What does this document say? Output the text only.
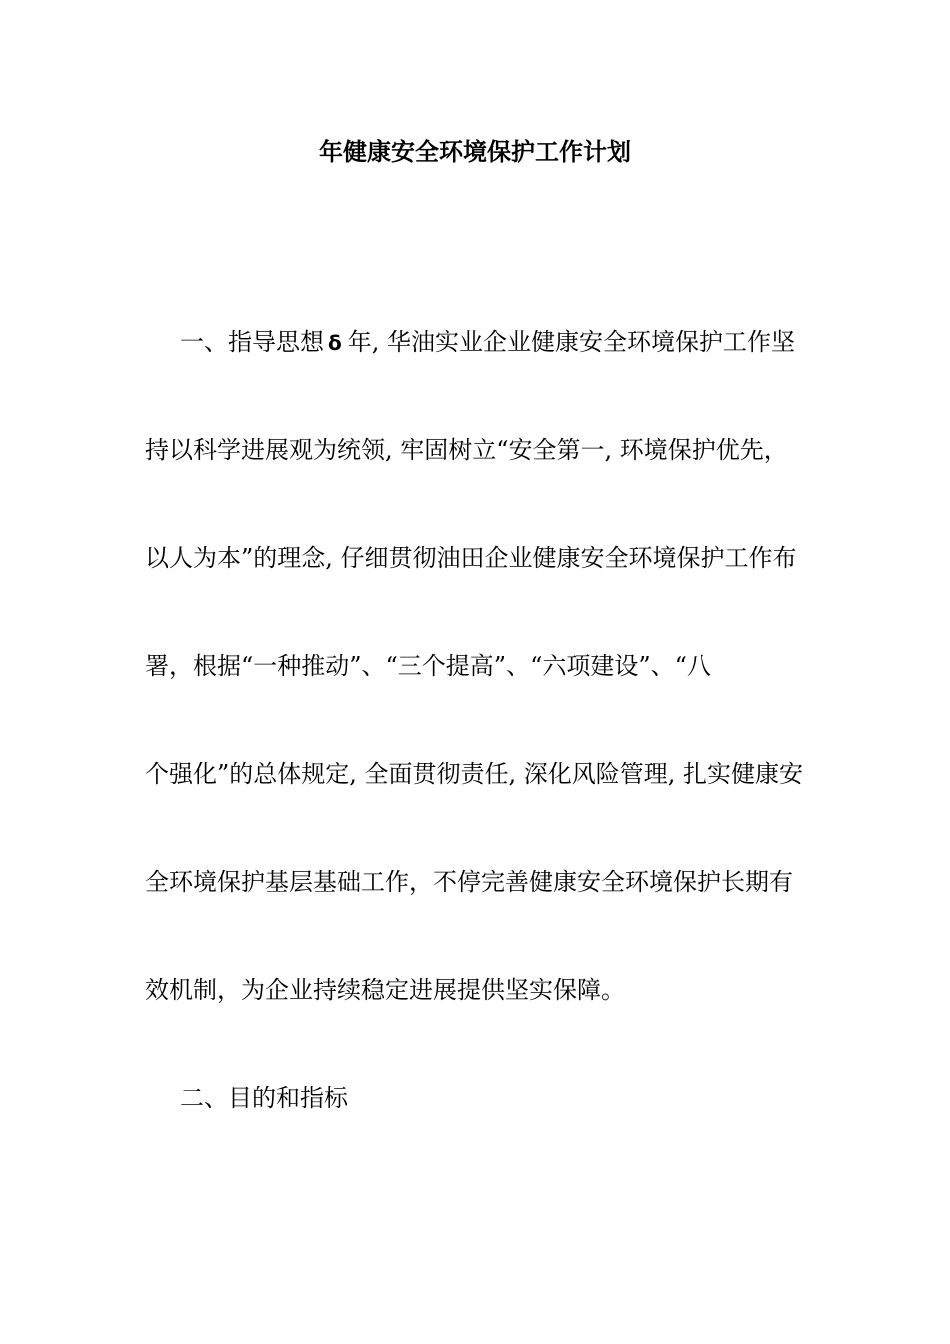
年健康安全环境保护工作计划
一、指导思想 ẟ 年, 华油实业企业健康安全环境保护工作坚
持以科学进展观为统领, 牢固树立“安全第一, 环境保护优先，
以人为本”的理念, 仔细贯彻油田企业健康安全环境保护工作布
署，根据“一种推动”、“三个提高”、“六项建设”、“八
个强化”的总体规定, 全面贯彻责任, 深化风险管理, 扎实健康安
全环境保护基层基础工作，不停完善健康安全环境保护长期有
效机制，为企业持续稳定进展提供坚实保障。
二、目的和指标
